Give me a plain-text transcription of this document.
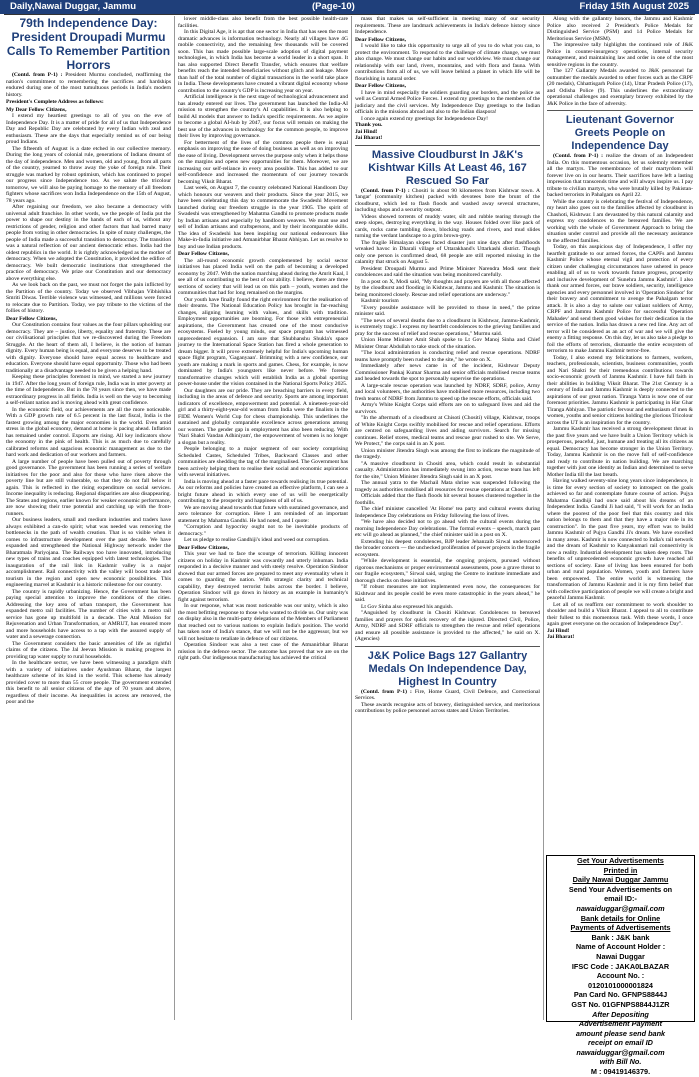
Daily,Nawai Duggar, Jammu	(Page-10)	Friday 15th August 2025
79th Independence Day: President Droupadi Murmu Calls To Remember Partition Horrors

(Contd. from P-1) : President Murmu concluded, reaffirming the nation's commitment to remembering the sacrifices and hardships endured during one of the most tumultuous periods in India's modern history.

President's Complete Address as follows:

My Dear Fellow Citizens,

I extend my heartiest greetings to all of you on the eve of Independence Day. It is a matter of pride for all of us that Independence Day and Republic Day are celebrated by every Indian with zeal and enthusiasm. These are the days that especially remind us of our being proud Indians.

The fifteenth of August is a date etched in our collective memory. During the long years of colonial rule, generations of Indians dreamt of the day of independence. Men and women, old and young, from all parts of the country, yearned to throw away the yoke of foreign rule. Their struggle was marked by robust optimism, which has continued to propel our progress since Independence too. As we salute the tricolour tomorrow, we will also be paying homage to the memory of all freedom fighters whose sacrifices won India Independence on the 15th of August, 78 years ago.

After regaining our freedom, we also became a democracy with universal adult franchise. In other words, we the people of India put the power to shape our destiny in the hands of each of us, without any restrictions of gender, religion and other factors that had barred many people from voting in other democracies. In spite of many challenges, the people of India made a successful transition to democracy. The transition was a natural reflection of our ancient democratic ethos. India had the oldest republics in the world. It is rightly acknowledged as the mother of democracy. When we adopted the Constitution, it provided the edifice of democracy. We built democratic institutions that strengthened the practice of democracy. We prize our Constitution and our democracy above everything else.

As we look back on the past, we must not forget the pain inflicted by the Partition of the country. Today we observed Vibhajan Vibhishika Smriti Diwas. Terrible violence was witnessed, and millions were forced to relocate due to Partition. Today, we pay tribute to the victims of the follies of history.

Dear Fellow Citizens,

Our Constitution contains four values as the four pillars upholding our democracy. They are – justice, liberty, equality and fraternity. These are our civilisational principles that we re-discovered during the Freedom Struggle. At the heart of them all, I believe, is the notion of human dignity. Every human being is equal, and everyone deserves to be treated with dignity. Everyone should have equal access to healthcare and education. Everyone should have equal opportunity. Those who had been traditionally at a disadvantage needed to be given a helping hand.

Keeping these principles foremost in mind, we started a new journey in 1947. After the long years of foreign rule, India was in utter poverty at the time of Independence. But in the 78 years since then, we have made extraordinary progress in all fields. India is well on the way to becoming a self-reliant nation and is moving ahead with great confidence.

In the economic field, our achievements are all the more noticeable. With a GDP growth rate of 6.5 percent in the last fiscal, India is the fastest growing among the major economies in the world. Even amid stress in the global economy, demand at home is pacing ahead. Inflation has remained under control. Exports are rising. All key indicators show the economy in the pink of health. This is as much due to carefully calibrated reforms and sagacious economic management as due to the hard work and dedication of our workers and farmers.

A large number of people have been pulled out of poverty through good governance. The government has been running a series of welfare initiatives for the poor and also for those who have risen above the poverty line but are still vulnerable, so that they do not fall below it again. This is reflected in the rising expenditure on social services. Income inequality is reducing. Regional disparities are also disappearing. The States and regions, earlier known for weaker economic performance, are now showing their true potential and catching up with the front-runners.

Our business leaders, small and medium industries and traders have always exhibited a can-do spirit; what was needed was removing the bottlenecks in the path of wealth creation. That is so visible when it comes to infrastructure development over the past decade. We have expanded and strengthened the National Highway network under the Bharatmala Pariyojana. The Railways too have innovated, introducing new types of trains and coaches equipped with latest technologies. The inauguration of the rail link in Kashmir valley is a major accomplishment. Rail connectivity with the valley will boost trade and tourism in the region and open new economic possibilities. This engineering marvel at Kashmir is a historic milestone for our country.

The country is rapidly urbanizing. Hence, the Government has been paying special attention to improve the conditions of the cities. Addressing the key area of urban transport, the Government has expanded metro rail facilities. The number of cities with a metro rail service has gone up multifold in a decade. The Atal Mission for Rejuvenation and Urban Transformation, or AMRUT, has ensured more and more households have access to a tap with the assured supply of water and a sewerage connection.

The Government considers the basic amenities of life as rightful claims of the citizens. The Jal Jeevan Mission is making progress in providing tap water supply to rural households.

In the healthcare sector, we have been witnessing a paradigm shift with a variety of initiatives under Ayushman Bharat, the largest healthcare scheme of its kind in the world. This scheme has already provided cover to more than 55 crore people. The government extended this benefit to all senior citizens of the age of 70 years and above, regardless of their income. As inequalities in access are removed, the poor and the

lower middle-class also benefit from the best possible health-care facilities.

In this Digital Age, it is apt that one sector in India that has seen the most dramatic advances is information technology. Nearly all villages have 4G mobile connectivity, and the remaining few thousands will be covered soon. This has made possible large-scale adoption of digital payment technologies, in which India has become a world leader in a short span. It has also supported Direct Benefit Transfer, which ensures that welfare benefits reach the intended beneficiaries without glitch and leakage. More than half of the total number of digital transactions in the world take place in India. These developments have created a vibrant digital economy whose contribution to the country's GDP is increasing year on year.

Artificial intelligence is the next stage of technological advancement and has already entered our lives. The government has launched the India-AI mission to strengthen the country's AI capabilities. It is also helping to build AI models that answer to India's specific requirements. As we aspire to become a global AI-hub by 2047, our focus will remain on making the best use of the advances in technology for the common people, to improve their lives by improving governance.

For betterment of the lives of the common people there is equal emphasis on improving the ease of doing business as well as on improving the ease of living. Development serves the purpose only when it helps those on the margins and opens new opportunities for them. Moreover, we are increasing our self-reliance in every area possible. This has added to our self-confidence and increased the momentum of our journey towards becoming Viksit Bharat.

Last week, on August 7, the country celebrated National Handloom Day which honours our weavers and their products. Since the year 2015, we have been celebrating this day to commemorate the Swadeshi Movement launched during our freedom struggle in the year 1905. The spirit of Swadeshi was strengthened by Mahatma Gandhi to promote products made by Indian artisans and especially by handloom weavers. We must use and sell of Indian artisans and craftspersons, and by their incomparable skills. The idea of Swadeshi has been inspiring our national endeavours like Make-in-India initiative and Atmanirbhar Bharat Abhiyan. Let us resolve to buy and use Indian products.

Dear Fellow Citizens,

The all-round economic growth complemented by social sector initiatives has placed India well on the path of becoming a developed economy by 2047. With the nation marching ahead during the Amrit Kaal, I see all of us contributing to the best of our ability. I believe, there are three sections of society that will lead us on this path – youth, women and the communities that had for long remained on the margins.

Our youth have finally found the right environment for the realisation of their dreams. The National Education Policy has brought in far-reaching changes, aligning learning with values, and skills with tradition. Employment opportunities are booming. For those with entrepreneurial aspirations, the Government has created one of the most conducive ecosystems. Fueled by young minds, our space program has witnessed unprecedented expansion. I am sure that Shubhanshu Shukla's space journey to the International Space Station has fired a whole generation to dream bigger. It will prove extremely helpful for India's upcoming human space flight program, 'Gaganyaan'. Brimming with a new confidence, our youth are making a mark in sports and games. Chess, for example, is now dominated by India's youngsters like never before. We foresee transformative changes which will establish India as a global sporting power-house under the vision contained in the National Sports Policy 2025.

Our daughters are our pride. They are breaching barriers in every field, including in the areas of defence and security. Sports are among important indicators of excellence, empowerment and potential. A nineteen-year-old girl and a thirty-eight-year-old woman from India were the finalists in the FIDE Women's World Cup for chess championship. This underlines the sustained and globally comparable excellence across generations among our women. The gender gap in employment has also been reducing. With 'Nari Shakti Vandan Adhiniyam', the empowerment of women is no longer a slogan but a reality.

People belonging to a major segment of our society comprising Scheduled Castes, Scheduled Tribes, Backward Classes and other communities are shedding the tag of the marginalised. The Government has been actively helping them to realise their social and economic aspirations with several initiatives.

India is moving ahead at a faster pace towards realising its true potential. As our reforms and policies have created an effective platform, I can see a bright future ahead in which every one of us will be energetically contributing to the prosperity and happiness of all of us.

We are moving ahead towards that future with sustained governance, and zero tolerance for corruption. Here I am reminded of an important statement by Mahatma Gandhi. He had noted, and I quote:

"Corruption and hypocrisy ought not to be inevitable products of democracy."

Let us pledge to realise Gandhiji's ideal and weed out corruption.

Dear Fellow Citizens,

This year we had to face the scourge of terrorism. Killing innocent citizens on holiday in Kashmir was cowardly and utterly inhuman. India responded in a decisive manner and with steely resolve. Operation Sindoor showed that our armed forces are prepared to meet any eventuality when it comes to guarding the nation. With strategic clarity and technical capability, they destroyed terrorist hubs across the border. I believe, Operation Sindoor will go down in history as an example in humanity's fight against terrorism.

In our response, what was most noticeable was our unity, which is also the most befitting response to those who wanted to divide us. Our unity was on display also in the multi-party delegations of the Members of Parliament that reached out to various nations to explain India's position. The world has taken note of India's stance, that we will not be the aggressor, but we will not hesitate to retaliate in defence of our citizens.

Operation Sindoor was also a test case of the Atmanirbhar Bharat mission in the defence sector. The outcome has proved that we are on the right path. Our indigenous manufacturing has achieved the critical

mass that makes us self-sufficient in meeting many of our security requirements. These are landmark achievements in India's defence history since Independence.

Dear Fellow Citizens,

I would like to take this opportunity to urge all of you to do what you can, to protect the environment. To respond to the challenge of climate change, we must also change. We must change our habits and our worldview. We must change our relationship with our land, rivers, mountains, and with flora and fauna. With contributions from all of us, we will leave behind a planet in which life will be flourishing in natural order.

Dear Fellow Citizens,

I have in mind especially the soldiers guarding our borders, and the police as well as Central Armed Police Forces. I extend my greetings to the members of the judiciary and the civil services. My Independence Day greetings to the Indian officials in the missions abroad and also to the Indian diaspora!

I once again extend my greetings for Independence Day!

Thank you.

Jai Hind!

Jai Bharat!

Massive Cloudburst In J&K's Kishtwar Kills At Least 46, 167 Rescued So Far

(Contd. from P-1) : Chositi is about 90 kilometres from Kishtwar town. A 'langar' (community kitchen) packed with devotees bore the brunt of the cloudburst, which led to flash floods and washed away several structures, including shops and a security outpost.

Videos showed torrents of muddy water, silt and rubble tearing through the steep slopes, destroying everything in the way. Houses folded over like pack of cards, rocks came tumbling down, blocking roads and rivers, and mud slides turning the verdant landscape to a grim brown-grey.

The fragile Himalayan slopes faced disaster just nine days after flashfloods wreaked havoc in Dharali village of Uttarakhand's Uttarkashi district. Though only one person is confirmed dead, 68 people are still reported missing in the calamity that struck on August 5.

President Droupadi Murmu and Prime Minister Narendra Modi sent their condolences and said the situation was being monitored carefully.

In a post on X, Modi said, "My thoughts and prayers are with all those affected by the cloudburst and flooding in Kishtwar, Jammu and Kashmir. The situation is being monitored closely. Rescue and relief operations are underway."

Kashmir tourism

"Every possible assistance will be provided to those in need," the prime minister said.

"The news of several deaths due to a cloudburst in Kishtwar, Jammu-Kashmir, is extremely tragic. I express my heartfelt condolences to the grieving families and pray for the success of relief and rescue operations," Murmu said.

Union Home Minister Amit Shah spoke to Lt Gov Manoj Sinha and Chief Minister Omar Abdullah to take stock of the situation.

"The local administration is conducting relief and rescue operations. NDRF teams have promptly been rushed to the site," he wrote on X.

Immediately after news came in of the incident, Kishtwar Deputy Commissioner Pankaj Kumar Sharma and senior officials mobilised rescue teams and headed towards the spot to personally supervise the operations.

A large-scale rescue operation was launched by NDRF, SDRF, police, Army and local volunteers, the authorities have mobilised more resources, including two fresh teams of NDRF from Jammu to speed up the rescue efforts, officials said.

Army's White Knight Corps said efforts are on to safeguard lives and aid the survivors.

"In the aftermath of a cloudburst at Chisoti (Chositi) village, Kishtwar, troops of White Knight Corps swiftly mobilised for rescue and relief operations. Efforts are centred on safeguarding lives and aiding survivors. Search for missing continues. Relief stores, medical teams and rescue gear rushed to site. We Serve, We Protect," the corps said in an X post.

Union minister Jitendra Singh was among the first to indicate the magnitude of the tragedy.

"A massive cloudburst in Chositi area, which could result in substantial casualty. Administration has immediately swung into action, rescue team has left for the site," Union Minister Jitendra Singh said in an X post.

The annual yatra to the Machail Mata shrine was suspended following the tragedy as authorities mobilised all resources for rescue operations at Chositi.

Officials added that the flash floods hit several houses clustered together in the foothills.

The chief minister cancelled 'At Home' tea party and cultural events during Independence Day celebrations on Friday following the loss of lives.

"We have also decided not to go ahead with the cultural events during the morning Independence Day celebrations. The formal events – speech, march past etc will go ahead as planned," the chief minister said in a post on X.

Extending his deepest condolences, BJP leader Jehanzaib Sirwal underscored the broader concern — the unchecked proliferation of power projects in the fragile ecosystem.

"While development is essential, the ongoing projects, pursued without rigorous mechanisms or proper environmental assessments, pose a grave threat to our fragile ecosystem," Sirwal said, urging the Centre to institute immediate and thorough checks on these initiatives.

"If robust measures are not implemented even now, the consequences for Kishtwar and its people could be even more catastrophic in the years ahead," he said.

Lt Gov Sinha also expressed his anguish.

"Anguished by cloudburst in Chositi Kishtwar. Condolences to bereaved families and prayers for quick recovery of the injured. Directed Civil, Police, Army, NDRF and SDRF officials to strengthen the rescue and relief operations and ensure all possible assistance is provided to the affected," he said on X. (Agencies)

J&K Police Bags 127 Gallantry Medals On Independence Day, Highest In Country

(Contd. from P-1) : Fire, Home Guard, Civil Defence, and Correctional Services.

These awards recognise acts of bravery, distinguished service, and meritorious contributions by police personnel across states and Union Territories.

Along with the gallantry honors, the Jammu and Kashmir Police also received 2 President's Police Medals for Distinguished Service (PSM) and 14 Police Medals for Meritorious Service (MSM).

The impressive tally highlights the continued role of J&K Police in counter-insurgency operations, internal security management, and maintaining law and order in one of the most sensitive regions in the country.

The 127 Gallantry Medals awarded to J&K personnel far outnumber the medals awarded to other forces such as the CRPF (20 medals), Chhattisgarh Police (14), Uttar Pradesh Police (17), and Odisha Police (9). This underlines the extraordinary operational challenges and exemplary bravery exhibited by the J&K Police in the face of adversity.

Lieutenant Governor Greets People on Independence Day

(Contd. from P-1) : realize the dream of an Independent India. On this momentous occasion, let us solemnly remember all the martyrs. The remembrance of their martyrdom will forever live on in our hearts. Their sacrifices have left a lasting impression that transcends time and will always inspire us. I pay tribute to civilian martyrs, who were brutally killed by Pakistan-backed terrorists in Pahalgam on April 22.

While the country is celebrating the festival of Independence, my heart also goes out to the families affected by cloudburst in Chashoti, Kishtwar. I am devastated by this natural calamity and express my condolences to the bereaved families. We are working with the whole of Government Approach to bring the situation under control and provide all the necessary assistance to the affected families.

Today, on this auspicious day of Independence, I offer my heartfelt gratitude to our armed forces, the CAPFs and Jammu Kashmir Police whose eternal vigil and protection of every citizen under challenging circumstances have ushered in peace enabling all of us to work towards future progress, prosperity and inclusive development of 'Sunehra Jammu Kashmir'. I also thank our armed forces, our brave soldiers, security, intelligence agencies and every personnel involved in 'Operation Sindoor' for their bravery and commitment to avenge the Pahalgam terror attack. It is also a day to salute our valiant soldiers of Army, CRPF and Jammu Kashmir Police for successful 'Operation Mahadev' and send them good wishes for their dedication in the service of the nation. India has drawn a new red line. Any act of terror will be considered as an act of war and we will give the enemy a fitting response. On this day, let us also take a pledge to foil the efforts of terrorists, dismantle the entire ecosystem of terrorism to make Jammu Kashmir terror-free.

Today, I also extend my felicitations to farmers, workers, teachers, professionals, scientists, business communities, youth and Nari Shakti for their tremendous contributions towards socio-economic growth of Jammu Kashmir. I have full faith in their abilities in building Viksit Bharat. The 21st Century is a century of India and Jammu Kashmir is deeply connected to the aspirations of our great nation. Tiranga Yatra is now one of our foremost priorities. Jammu Kashmir is participating in Har Ghar Tiranga Abhiyan. The patriotic fervour and enthusiasm of men & women, youths and senior citizens holding the glorious Tricolour across the UT is an inspiration for the country.

Jammu Kashmir has received a strong development thrust in the past five years and we have built a Union Territory which is prosperous, peaceful, just, humane and treating all its citizens as equal. Democracy has become stronger in the Union Territory. Today, Jammu Kashmir is on the move full of self-confidence and ready to contribute in nation building. We are marching together with just one identity as Indian and determined to serve Mother India till the last breath.

Having walked seventy-nine long years since independence, it is time for every section of society to introspect on the goals achieved so far and contemplate future course of action. Pujya Mahatma Gandhiji had once said about his dreams of an Independent India. Gandhi Ji had said, "I will work for an India where the poorest of the poor feel that this country and this nation belongs to them and that they have a major role in its construction". In the past five years, my effort was to build Jammu Kashmir of Pujya Gandhi Ji's dream. We have excelled in many areas. Kashmir is now connected to India's rail network and the dream of Kashmir to Kanyakumari rail connectivity is now a reality. Industrial development has taken deep roots. The benefits of unprecedented economic growth have reached all sections of society. Ease of living has been ensured for both urban and rural population. Women, youth and farmers have been empowered. The entire world is witnessing the transformation of Jammu Kashmir and it is my firm belief that with collective participation of people we will create a bright and peaceful Jammu Kashmir.

Let all of us reaffirm our commitment to work shoulder to shoulder and build a Viksit Bharat. I appeal to all to contribute their fullest to this momentous task. With these words, I once again greet everyone on the occasion of Independence Day".

Jai Hind!

Jai Bharat!

Get Your Advertisements
Printed in
Daily Nawai Duggar Jammu
Send Your Advertisements on
email ID:-
nawaiduggar@gmail.com
Bank details for Online
Payments of Advertisements
Bank : J&K bank
Name of Account Holder :
Nawai Duggar
IFSC Code : JAKA0LBAZAR
Account No. :
0120101000001824
Pan Card No. GFNPS8844J
GST No. 01GFNPS8844J1ZR
After Depositing
Advertisement Payment
amount please send bank
receipt on email ID
nawaiduggar@gmail.com
with Bill No.
M : 09419146379.
